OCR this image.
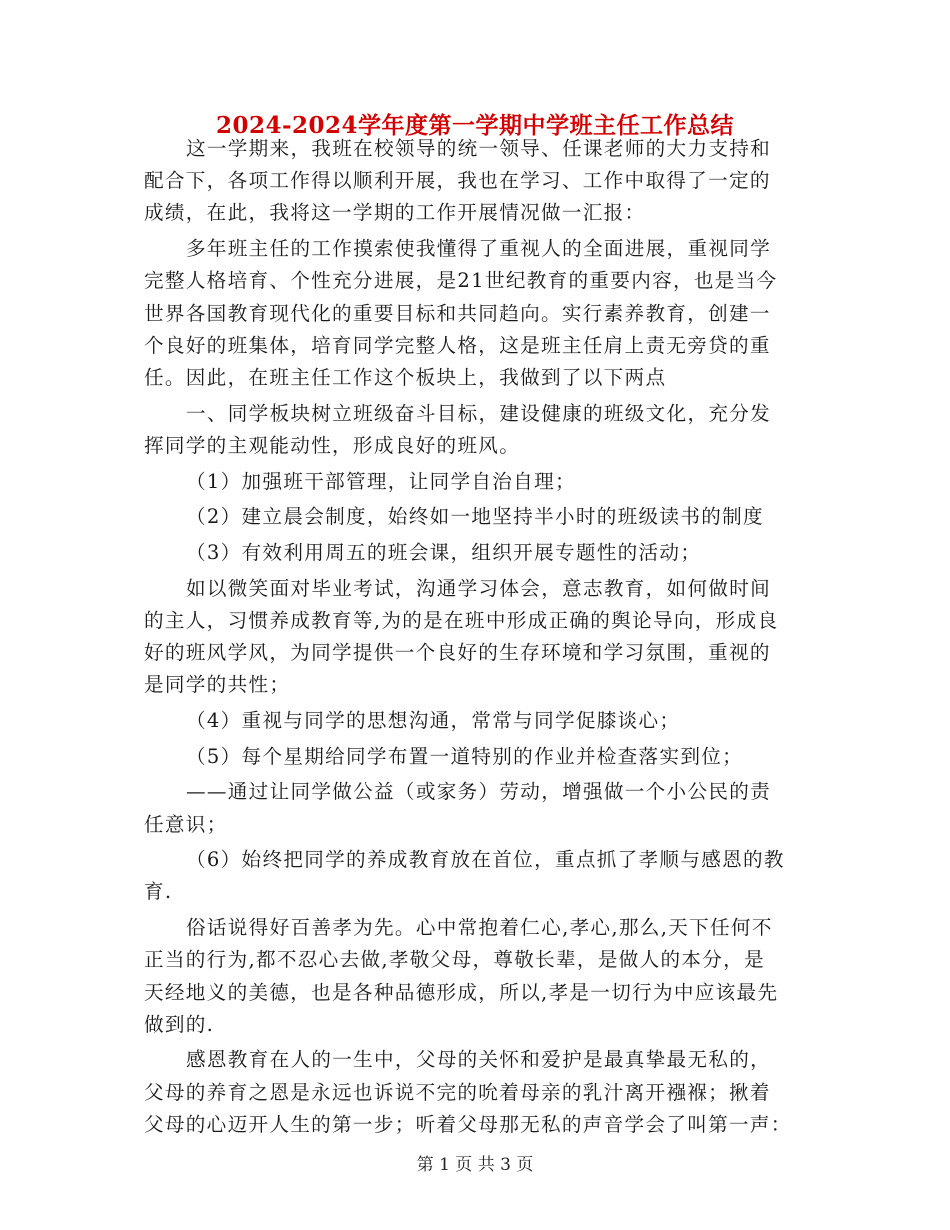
2024-2024学年度第一学期中学班主任工作总结
这一学期来，我班在校领导的统一领导、任课老师的大力支持和
配合下，各项工作得以顺利开展，我也在学习、工作中取得了一定的
成绩，在此，我将这一学期的工作开展情况做一汇报：
多年班主任的工作摸索使我懂得了重视人的全面进展，重视同学
完整人格培育、个性充分进展，是21世纪教育的重要内容，也是当今
世界各国教育现代化的重要目标和共同趋向。实行素养教育，创建一
个良好的班集体，培育同学完整人格，这是班主任肩上责无旁贷的重
任。因此，在班主任工作这个板块上，我做到了以下两点
一、同学板块树立班级奋斗目标，建设健康的班级文化，充分发
挥同学的主观能动性，形成良好的班风。
（1）加强班干部管理，让同学自治自理；
（2）建立晨会制度，始终如一地坚持半小时的班级读书的制度
（3）有效利用周五的班会课，组织开展专题性的活动；
如以微笑面对毕业考试，沟通学习体会，意志教育，如何做时间
的主人，习惯养成教育等,为的是在班中形成正确的舆论导向，形成良
好的班风学风，为同学提供一个良好的生存环境和学习氛围，重视的
是同学的共性；
（4）重视与同学的思想沟通，常常与同学促膝谈心；
（5）每个星期给同学布置一道特别的作业并检查落实到位；
——通过让同学做公益（或家务）劳动，增强做一个小公民的责
任意识；
（6）始终把同学的养成教育放在首位，重点抓了孝顺与感恩的教
育.
俗话说得好百善孝为先。心中常抱着仁心,孝心,那么,天下任何不
正当的行为,都不忍心去做,孝敬父母，尊敬长辈，是做人的本分，是
天经地义的美德，也是各种品德形成，所以,孝是一切行为中应该最先
做到的.
感恩教育在人的一生中，父母的关怀和爱护是最真挚最无私的，
父母的养育之恩是永远也诉说不完的吮着母亲的乳汁离开襁褓；揪着
父母的心迈开人生的第一步；听着父母那无私的声音学会了叫第一声：
第 1 页 共 3 页
